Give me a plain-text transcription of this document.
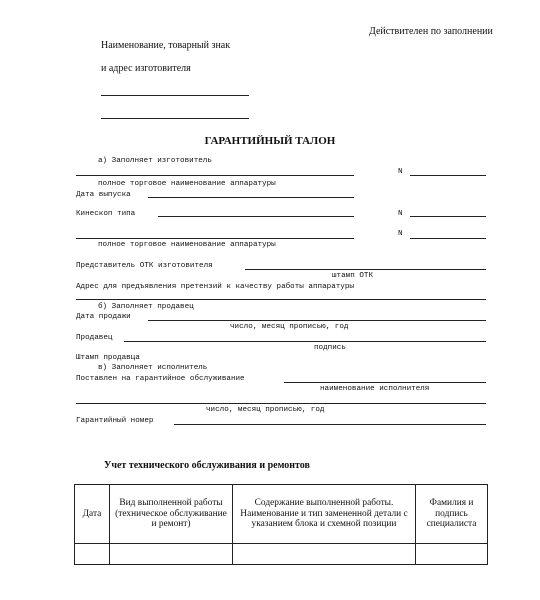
Действителен по заполнении
Наименование, товарный знак
и адрес изготовителя
ГАРАНТИЙНЫЙ ТАЛОН
а) Заполняет изготовитель
N
полное торговое наименование аппаратуры
Дата выпуска
Кинескоп типа	N
N
полное торговое наименование аппаратуры
Представитель ОТК изготовителя
штамп ОТК
Адрес для предъявления претензий к качеству работы аппаратуры
б) Заполняет продавец
Дата продажи
число, месяц прописью, год
Продавец
подпись
Штамп продавца
в) Заполняет исполнитель
Поставлен на гарантийное обслуживание
наименование исполнителя
число, месяц прописью, год
Гарантийный номер
Учет технического обслуживания и ремонтов
Дата	Вид выполненной работы (техническое обслуживание и ремонт)	Содержание выполненной работы. Наименование и тип замененной детали с указанием блока и схемной позиции	Фамилия и подпись специалиста
